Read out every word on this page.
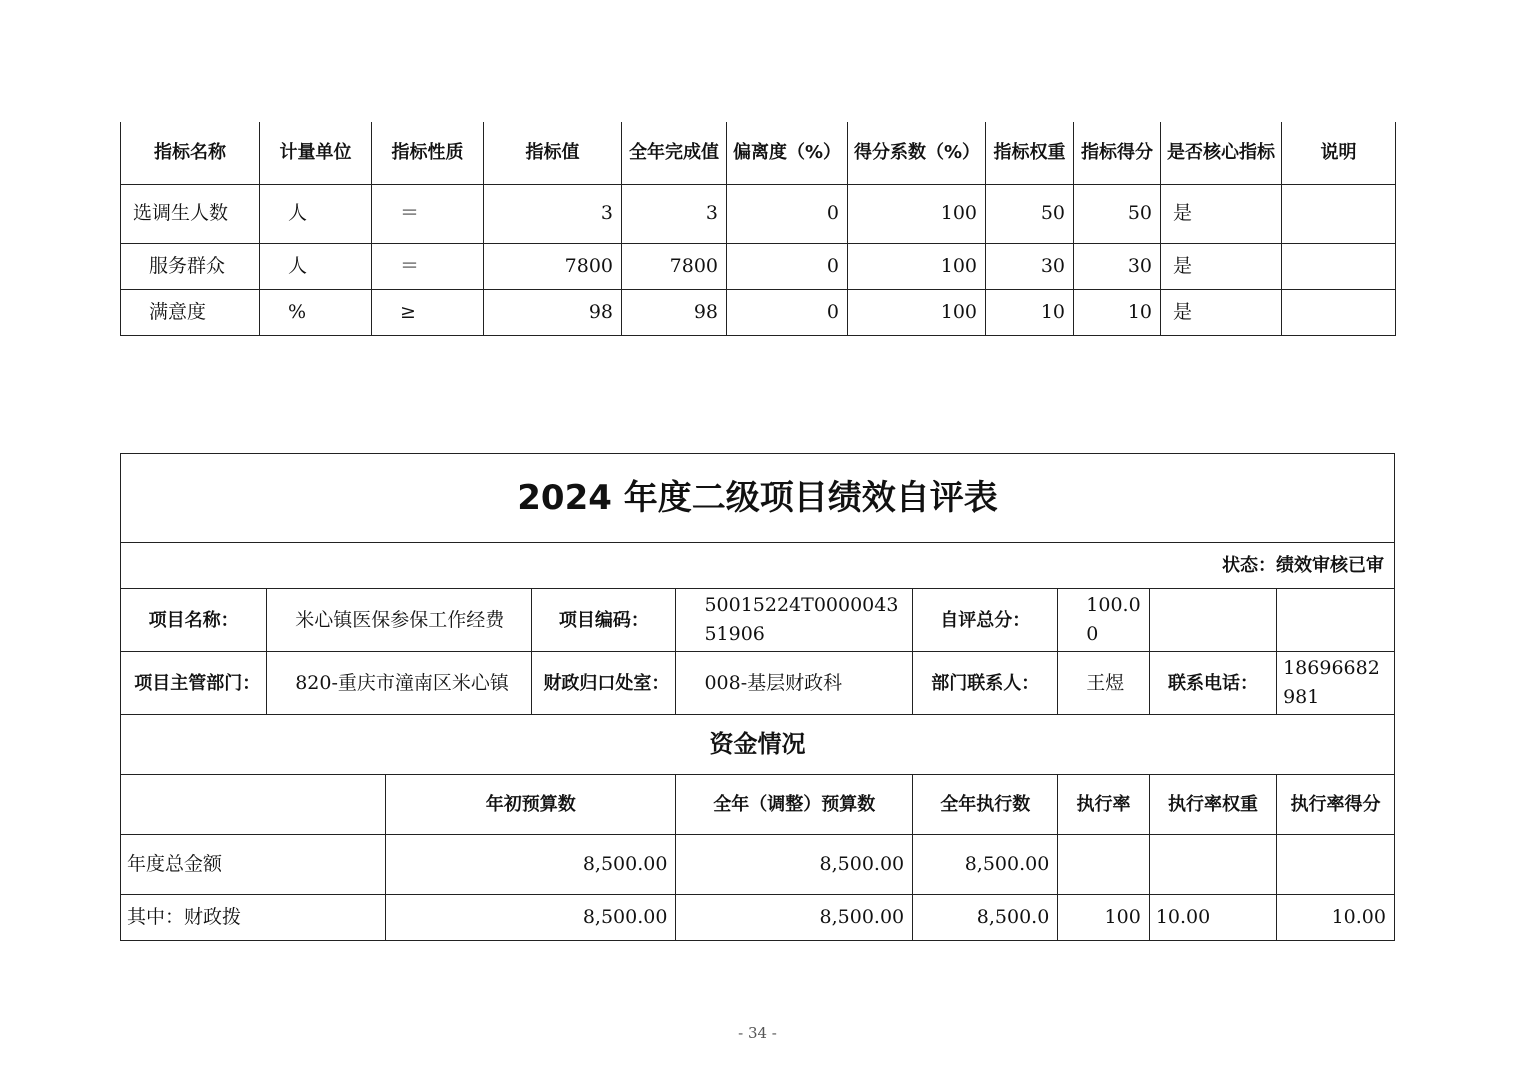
指标名称	计量单位	指标性质	指标值	全年完成值	偏离度（%）	得分系数（%）	指标权重	指标得分	是否核心指标	说明
选调生人数	人	＝	3	3	0	100	50	50	是	
服务群众	人	＝	7800	7800	0	100	30	30	是	
满意度	%	≥	98	98	0	100	10	10	是	
2024 年度二级项目绩效自评表								
状态：绩效审核已审								
项目名称：	米心镇医保参保工作经费		项目编码：	50015224T000004351906	自评总分：	100.00		
项目主管部门：	820-重庆市潼南区米心镇		财政归口处室：	008-基层财政科	部门联系人：	王煜	联系电话：	18696682981
资金情况								
		年初预算数		全年（调整）预算数	全年执行数	执行率	执行率权重	执行率得分
年度总金额		8,500.00		8,500.00	8,500.00			
其中：财政拨		8,500.00		8,500.00	8,500.0	100	10.00	10.00
- 34 -
